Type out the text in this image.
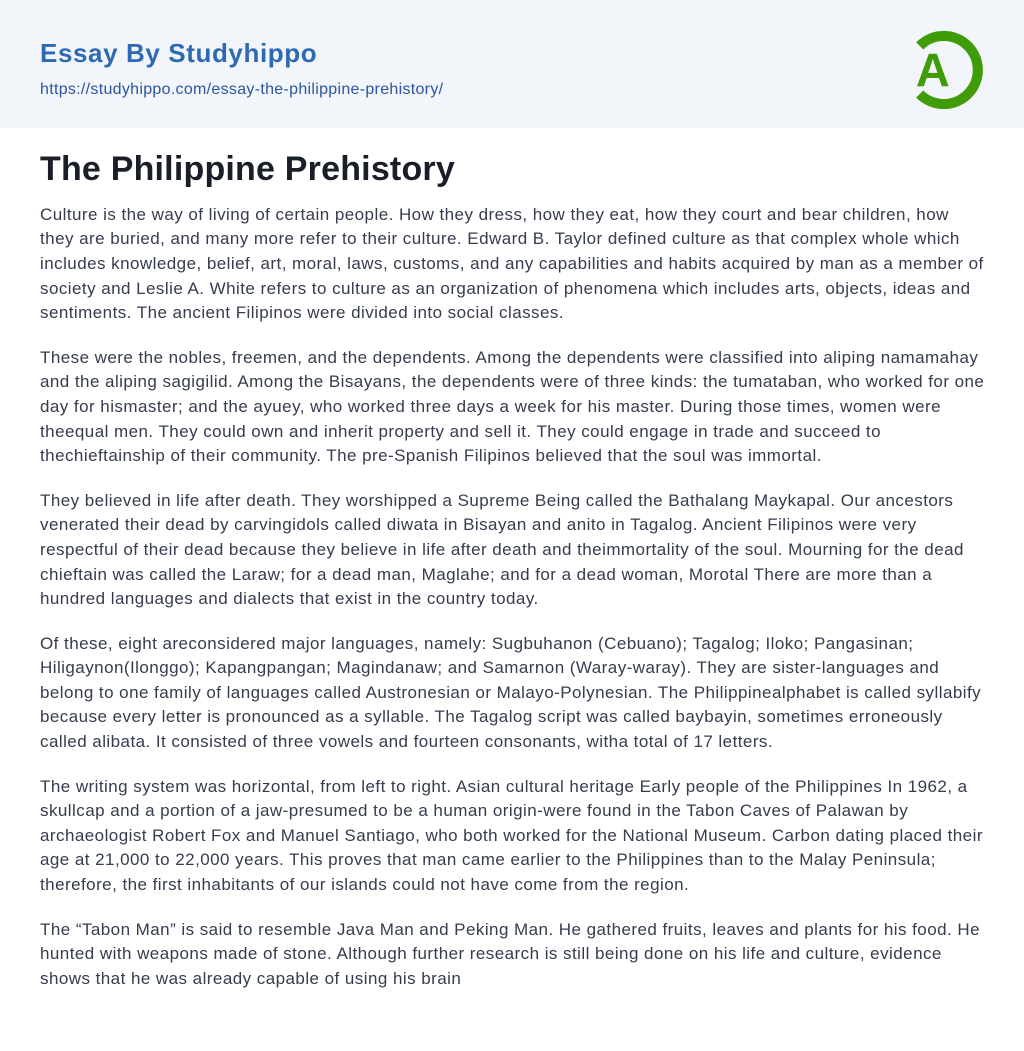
Essay By Studyhippo
https://studyhippo.com/essay-the-philippine-prehistory/	A
The Philippine Prehistory

Culture is the way of living of certain people. How they dress, how they eat, how they court and bear children, how they are buried, and many more refer to their culture. Edward B. Taylor defined culture as that complex whole which includes knowledge, belief, art, moral, laws, customs, and any capabilities and habits acquired by man as a member of society and Leslie A. White refers to culture as an organization of phenomena which includes arts, objects, ideas and sentiments. The ancient Filipinos were divided into social classes.

These were the nobles, freemen, and the dependents. Among the dependents were classified into aliping namamahay and the aliping sagigilid. Among the Bisayans, the dependents were of three kinds: the tumataban, who worked for one day for hismaster; and the ayuey, who worked three days a week for his master. During those times, women were theequal men. They could own and inherit property and sell it. They could engage in trade and succeed to thechieftainship of their community. The pre-Spanish Filipinos believed that the soul was immortal.

They believed in life after death. They worshipped a Supreme Being called the Bathalang Maykapal. Our ancestors venerated their dead by carvingidols called diwata in Bisayan and anito in Tagalog. Ancient Filipinos were very respectful of their dead because they believe in life after death and theimmortality of the soul. Mourning for the dead chieftain was called the Laraw; for a dead man, Maglahe; and for a dead woman, Morotal There are more than a hundred languages and dialects that exist in the country today.

Of these, eight areconsidered major languages, namely: Sugbuhanon (Cebuano); Tagalog; Iloko; Pangasinan; Hiligaynon(Ilonggo); Kapangpangan; Magindanaw; and Samarnon (Waray-waray). They are sister-languages and belong to one family of languages called Austronesian or Malayo-Polynesian. The Philippinealphabet is called syllabify because every letter is pronounced as a syllable. The Tagalog script was called baybayin, sometimes erroneously called alibata. It consisted of three vowels and fourteen consonants, witha total of 17 letters.

The writing system was horizontal, from left to right. Asian cultural heritage Early people of the Philippines In 1962, a skullcap and a portion of a jaw-presumed to be a human origin-were found in the Tabon Caves of Palawan by archaeologist Robert Fox and Manuel Santiago, who both worked for the National Museum. Carbon dating placed their age at 21,000 to 22,000 years. This proves that man came earlier to the Philippines than to the Malay Peninsula; therefore, the first inhabitants of our islands could not have come from the region.

The “Tabon Man” is said to resemble Java Man and Peking Man. He gathered fruits, leaves and plants for his food. He hunted with weapons made of stone. Although further research is still being done on his life and culture, evidence shows that he was already capable of using his brain
